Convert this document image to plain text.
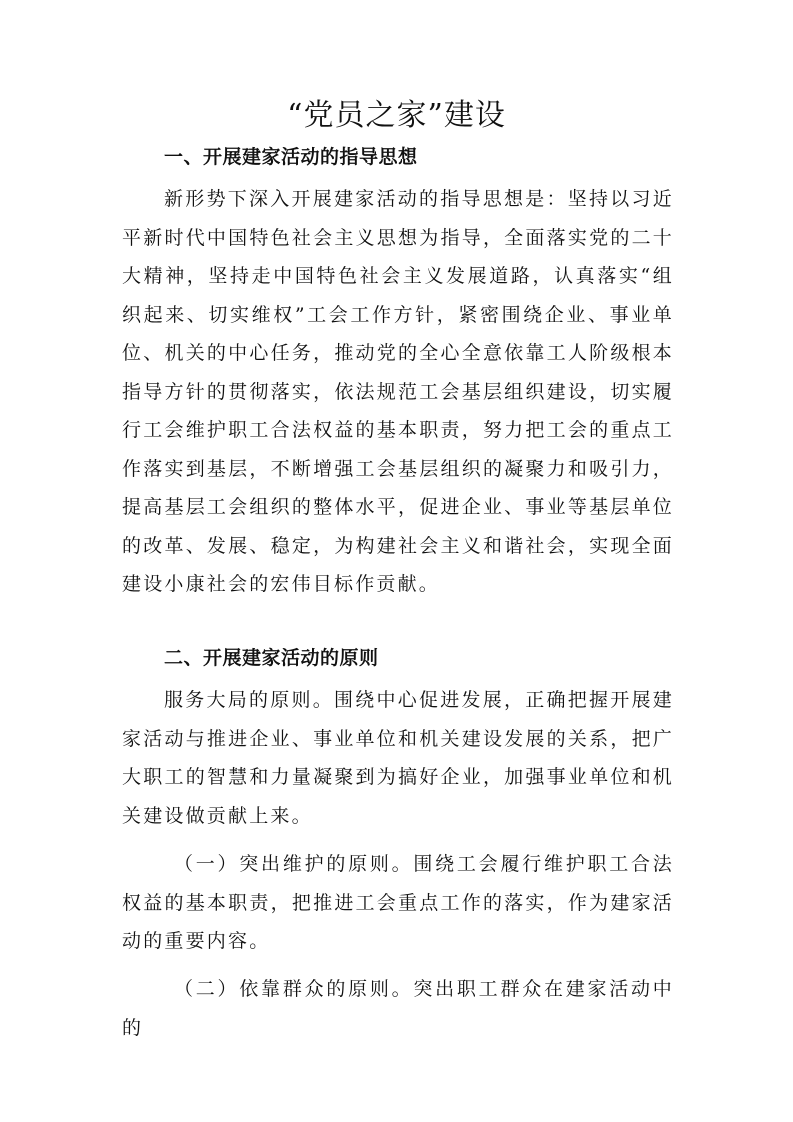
“党员之家”建设

一、开展建家活动的指导思想

新形势下深入开展建家活动的指导思想是：坚持以习近平新时代中国特色社会主义思想为指导，全面落实党的二十大精神，坚持走中国特色社会主义发展道路，认真落实“组织起来、切实维权”工会工作方针，紧密围绕企业、事业单位、机关的中心任务，推动党的全心全意依靠工人阶级根本指导方针的贯彻落实，依法规范工会基层组织建设，切实履行工会维护职工合法权益的基本职责，努力把工会的重点工作落实到基层，不断增强工会基层组织的凝聚力和吸引力，提高基层工会组织的整体水平，促进企业、事业等基层单位的改革、发展、稳定，为构建社会主义和谐社会，实现全面建设小康社会的宏伟目标作贡献。

二、开展建家活动的原则

服务大局的原则。围绕中心促进发展，正确把握开展建家活动与推进企业、事业单位和机关建设发展的关系，把广大职工的智慧和力量凝聚到为搞好企业，加强事业单位和机关建设做贡献上来。

（一）突出维护的原则。围绕工会履行维护职工合法权益的基本职责，把推进工会重点工作的落实，作为建家活动的重要内容。

（二）依靠群众的原则。突出职工群众在建家活动中的
